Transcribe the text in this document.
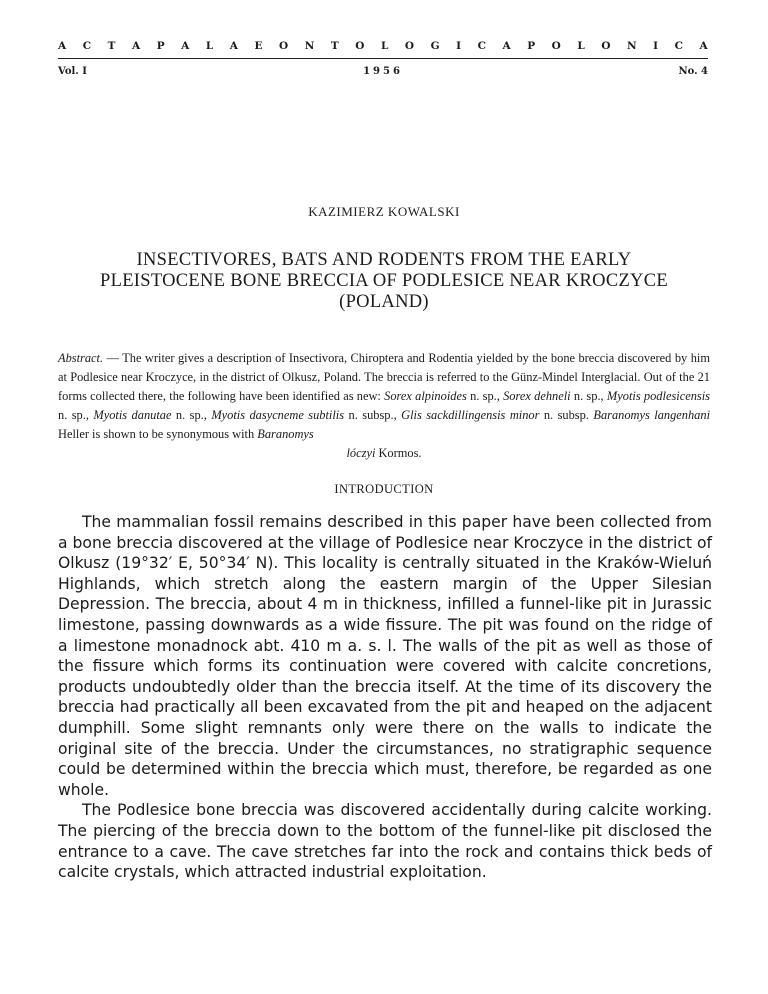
A C T A P A L A E O N T O L O G I C A P O L O N I C A
Vol. I	1956	No. 4
KAZIMIERZ KOWALSKI
INSECTIVORES, BATS AND RODENTS FROM THE EARLY
PLEISTOCENE BONE BRECCIA OF PODLESICE NEAR KROCZYCE
(POLAND)
Abstract. — The writer gives a description of Insectivora, Chiroptera and Rodentia yielded by the bone breccia discovered by him at Podlesice near Kroczyce, in the district of Olkusz, Poland. The breccia is referred to the Günz-Mindel Interglacial. Out of the 21 forms collected there, the following have been identified as new: Sorex alpinoides n. sp., Sorex dehneli n. sp., Myotis podlesicensis n. sp., Myotis danutae n. sp., Myotis dasycneme subtilis n. subsp., Glis sackdillingensis minor n. subsp. Baranomys langenhani Heller is shown to be synonymous with Baranomys
lóczyi Kormos.
INTRODUCTION

The mammalian fossil remains described in this paper have been collected from a bone breccia discovered at the village of Podlesice near Kroczyce in the district of Olkusz (19°32′ E, 50°34′ N). This locality is centrally situated in the Kraków-Wieluń Highlands, which stretch along the eastern margin of the Upper Silesian Depression. The breccia, about 4 m in thickness, infilled a funnel-like pit in Jurassic limestone, passing downwards as a wide fissure. The pit was found on the ridge of a limestone monadnock abt. 410 m a. s. l. The walls of the pit as well as those of the fissure which forms its continuation were covered with calcite concretions, products undoubtedly older than the breccia itself. At the time of its discovery the breccia had practically all been excavated from the pit and heaped on the adjacent dumphill. Some slight remnants only were there on the walls to indicate the original site of the breccia. Under the circumstances, no stratigraphic sequence could be determined within the breccia which must, therefore, be regarded as one whole.

The Podlesice bone breccia was discovered accidentally during calcite working. The piercing of the breccia down to the bottom of the funnel-like pit disclosed the entrance to a cave. The cave stretches far into the rock and contains thick beds of calcite crystals, which attracted industrial exploitation.
